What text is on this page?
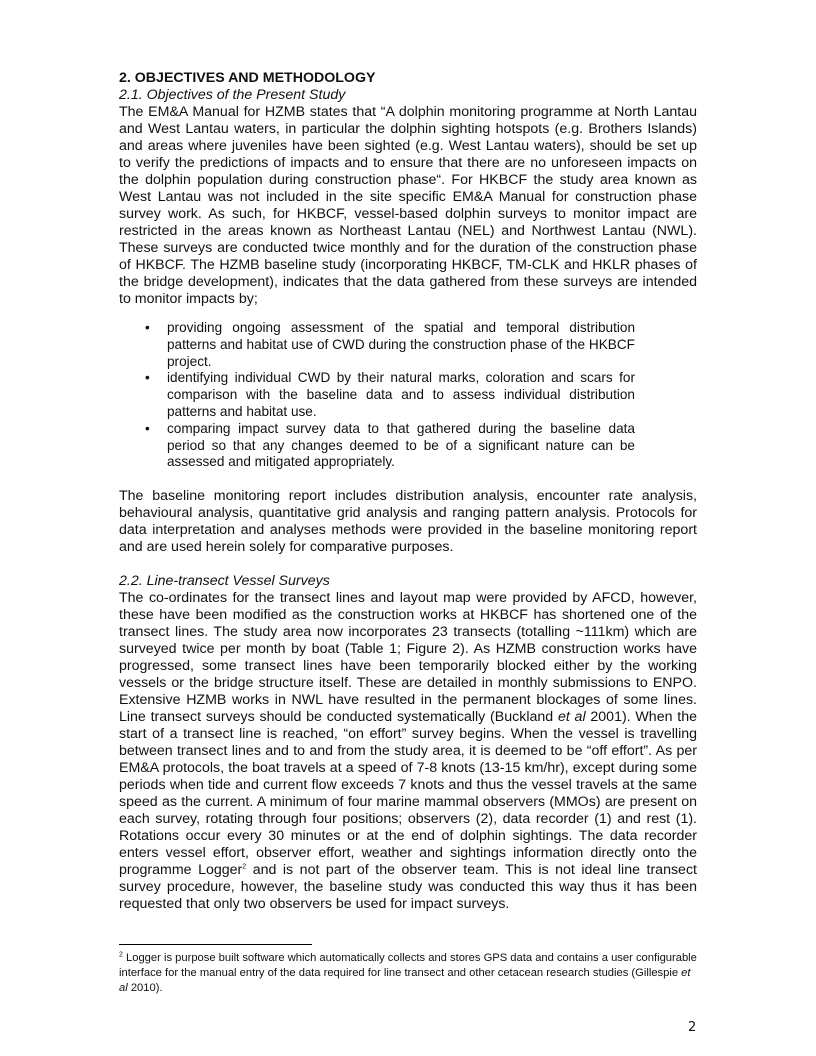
2. OBJECTIVES AND METHODOLOGY
2.1. Objectives of the Present Study

The EM&A Manual for HZMB states that “A dolphin monitoring programme at North Lantau and West Lantau waters, in particular the dolphin sighting hotspots (e.g. Brothers Islands) and areas where juveniles have been sighted (e.g. West Lantau waters), should be set up to verify the predictions of impacts and to ensure that there are no unforeseen impacts on the dolphin population during construction phase“. For HKBCF the study area known as West Lantau was not included in the site specific EM&A Manual for construction phase survey work. As such, for HKBCF, vessel-based dolphin surveys to monitor impact are restricted in the areas known as Northeast Lantau (NEL) and Northwest Lantau (NWL). These surveys are conducted twice monthly and for the duration of the construction phase of HKBCF. The HZMB baseline study (incorporating HKBCF, TM-CLK and HKLR phases of the bridge development), indicates that the data gathered from these surveys are intended to monitor impacts by;

• providing ongoing assessment of the spatial and temporal distribution patterns and habitat use of CWD during the construction phase of the HKBCF project.
• identifying individual CWD by their natural marks, coloration and scars for comparison with the baseline data and to assess individual distribution patterns and habitat use.
• comparing impact survey data to that gathered during the baseline data period so that any changes deemed to be of a significant nature can be assessed and mitigated appropriately.

The baseline monitoring report includes distribution analysis, encounter rate analysis, behavioural analysis, quantitative grid analysis and ranging pattern analysis. Protocols for data interpretation and analyses methods were provided in the baseline monitoring report and are used herein solely for comparative purposes.

2.2. Line-transect Vessel Surveys

The co-ordinates for the transect lines and layout map were provided by AFCD, however, these have been modified as the construction works at HKBCF has shortened one of the transect lines. The study area now incorporates 23 transects (totalling ~111km) which are surveyed twice per month by boat (Table 1; Figure 2). As HZMB construction works have progressed, some transect lines have been temporarily blocked either by the working vessels or the bridge structure itself. These are detailed in monthly submissions to ENPO. Extensive HZMB works in NWL have resulted in the permanent blockages of some lines. Line transect surveys should be conducted systematically (Buckland et al 2001). When the start of a transect line is reached, “on effort” survey begins. When the vessel is travelling between transect lines and to and from the study area, it is deemed to be “off effort”. As per EM&A protocols, the boat travels at a speed of 7-8 knots (13-15 km/hr), except during some periods when tide and current flow exceeds 7 knots and thus the vessel travels at the same speed as the current. A minimum of four marine mammal observers (MMOs) are present on each survey, rotating through four positions; observers (2), data recorder (1) and rest (1). Rotations occur every 30 minutes or at the end of dolphin sightings. The data recorder enters vessel effort, observer effort, weather and sightings information directly onto the programme Logger$^2$ and is not part of the observer team. This is not ideal line transect survey procedure, however, the baseline study was conducted this way thus it has been requested that only two observers be used for impact surveys.

$^2$ Logger is purpose built software which automatically collects and stores GPS data and contains a user configurable interface for the manual entry of the data required for line transect and other cetacean research studies (Gillespie et al 2010).
2
